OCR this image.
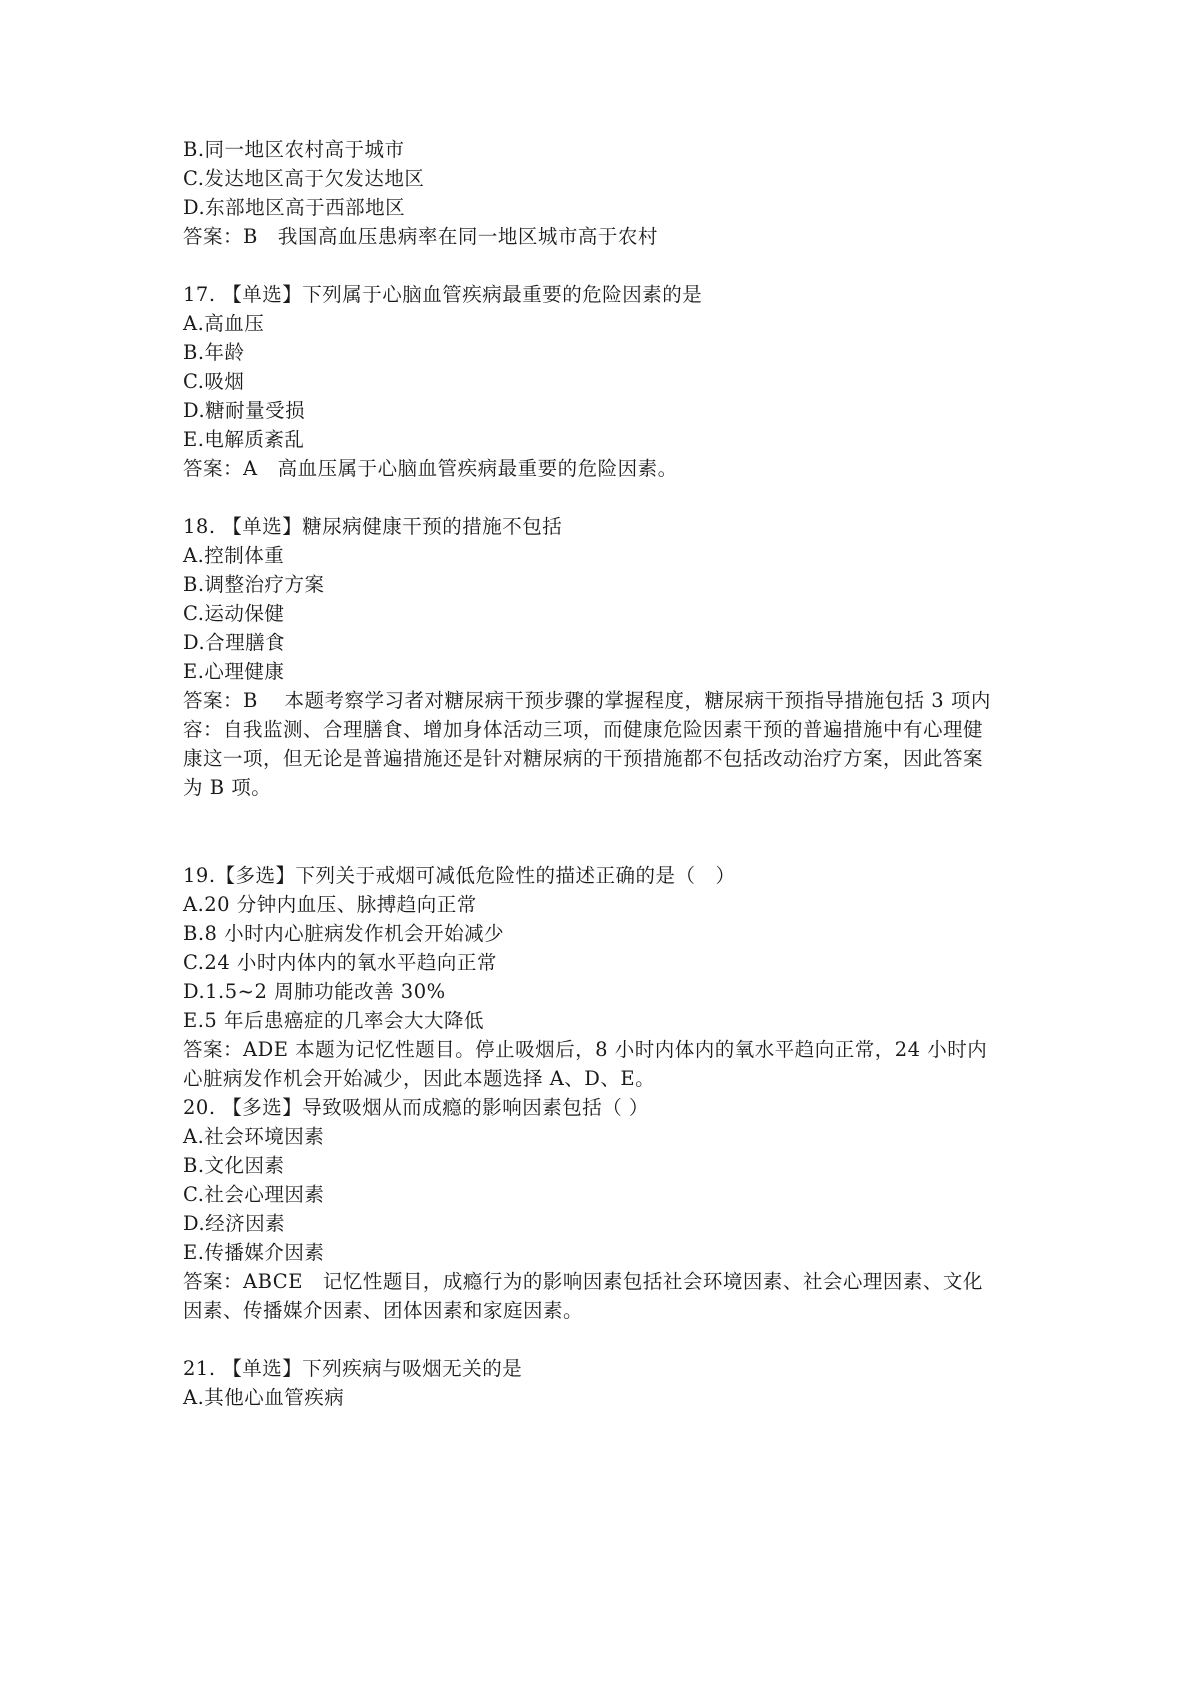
B.同一地区农村高于城市
C.发达地区高于欠发达地区
D.东部地区高于西部地区
答案：B　我国高血压患病率在同一地区城市高于农村
17. 【单选】下列属于心脑血管疾病最重要的危险因素的是
A.高血压
B.年龄
C.吸烟
D.糖耐量受损
E.电解质紊乱
答案：A　高血压属于心脑血管疾病最重要的危险因素。
18. 【单选】糖尿病健康干预的措施不包括
A.控制体重
B.调整治疗方案
C.运动保健
D.合理膳食
E.心理健康
答案：B　 本题考察学习者对糖尿病干预步骤的掌握程度，糖尿病干预指导措施包括 3 项内
容：自我监测、合理膳食、增加身体活动三项，而健康危险因素干预的普遍措施中有心理健
康这一项，但无论是普遍措施还是针对糖尿病的干预措施都不包括改动治疗方案，因此答案
为 B 项。
19.【多选】下列关于戒烟可减低危险性的描述正确的是（　）
A.20 分钟内血压、脉搏趋向正常
B.8 小时内心脏病发作机会开始减少
C.24 小时内体内的氧水平趋向正常
D.1.5~2 周肺功能改善 30%
E.5 年后患癌症的几率会大大降低
答案：ADE 本题为记忆性题目。停止吸烟后，8 小时内体内的氧水平趋向正常，24 小时内
心脏病发作机会开始减少，因此本题选择 A、D、E。
20. 【多选】导致吸烟从而成瘾的影响因素包括（ ）
A.社会环境因素
B.文化因素
C.社会心理因素
D.经济因素
E.传播媒介因素
答案：ABCE　记忆性题目，成瘾行为的影响因素包括社会环境因素、社会心理因素、文化
因素、传播媒介因素、团体因素和家庭因素。
21. 【单选】下列疾病与吸烟无关的是
A.其他心血管疾病
